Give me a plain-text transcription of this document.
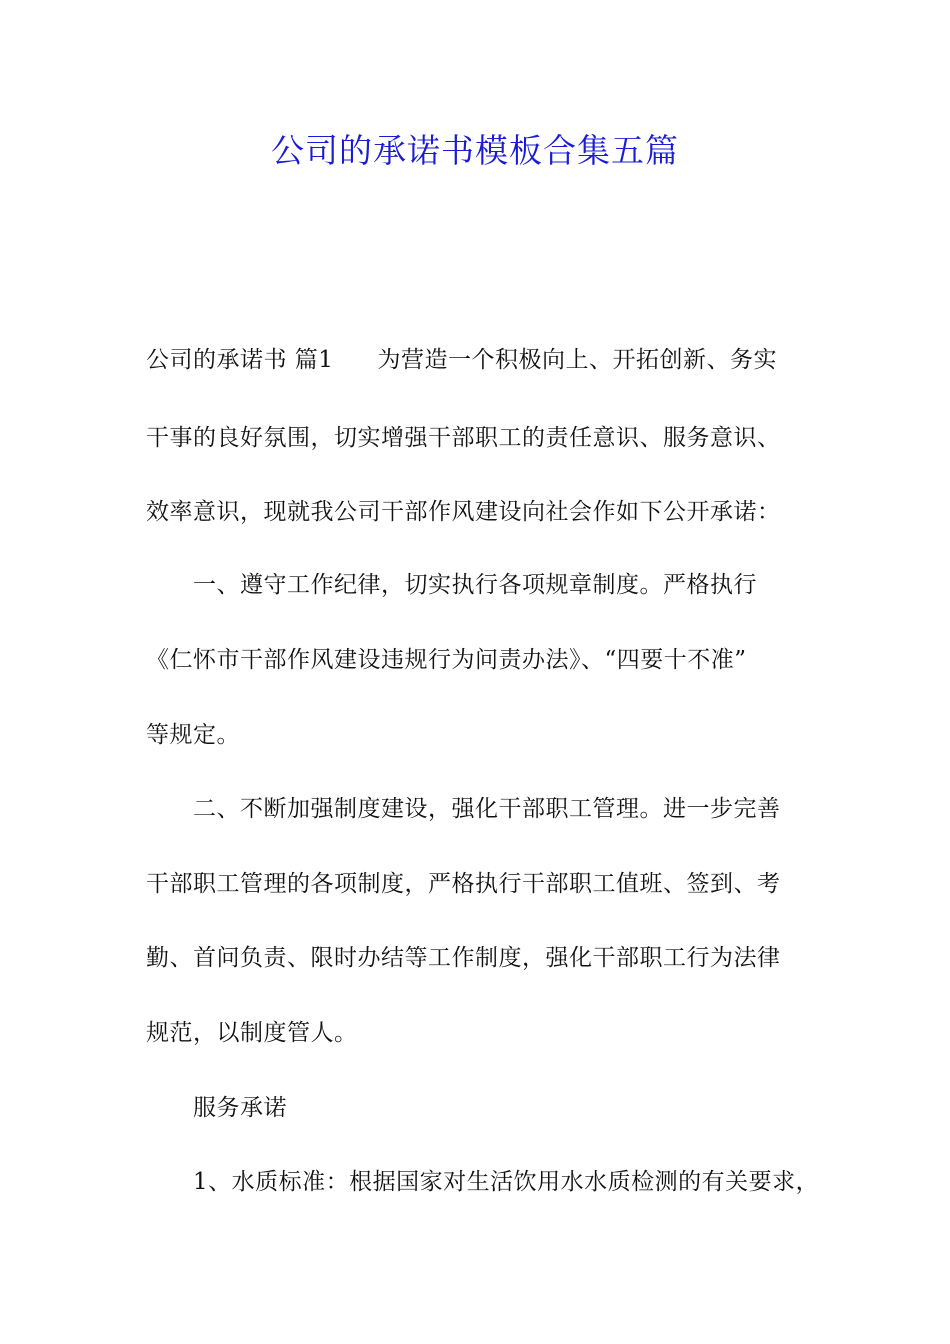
公司的承诺书模板合集五篇
公司的承诺书 篇1 为营造一个积极向上、开拓创新、务实
干事的良好氛围，切实增强干部职工的责任意识、服务意识、
效率意识，现就我公司干部作风建设向社会作如下公开承诺：
一、遵守工作纪律，切实执行各项规章制度。严格执行
《仁怀市干部作风建设违规行为问责办法》、“四要十不准”
等规定。
二、不断加强制度建设，强化干部职工管理。进一步完善
干部职工管理的各项制度，严格执行干部职工值班、签到、考
勤、首问负责、限时办结等工作制度，强化干部职工行为法律
规范，以制度管人。
服务承诺
1、水质标准：根据国家对生活饮用水水质检测的有关要求，
